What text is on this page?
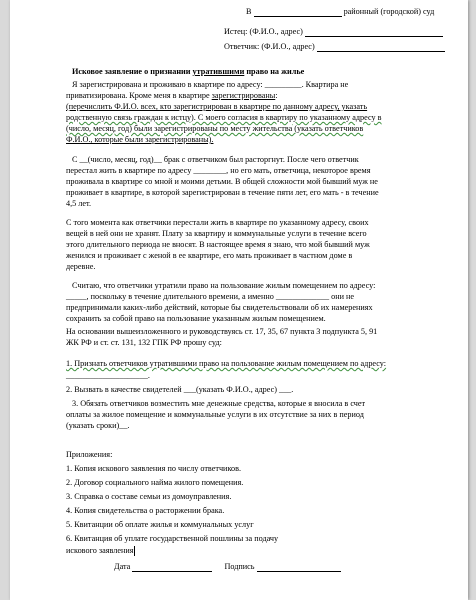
В	районный (городской) суд
Истец: (Ф.И.О., адрес)
Ответчик: (Ф.И.О., адрес)
Исковое заявление о признании утратившими право на жилье
Я зарегистрирована и проживаю в квартире по адресу: _________. Квартира не
приватизирована. Кроме меня в квартире зарегистрированы:
(перечислить Ф.И.О. всех, кто зарегистрирован в квартире по данному адресу, указать
родственную связь граждан к истцу). С моего согласия в квартиру по указанному адресу в
(число, месяц, год) были зарегистрированы по месту жительства (указать ответчиков
Ф.И.О., которые были зарегистрированы).
С __(число, месяц, год)__ брак с ответчиком был расторгнут. После чего ответчик
перестал жить в квартире по адресу ________, но его мать, ответчица, некоторое время
проживала в квартире со мной и моими детьми. В общей сложности мой бывший муж не
проживает в квартире, в которой зарегистрирован в течение пяти лет, его мать - в течение
4,5 лет.
С того момента как ответчики перестали жить в квартире по указанному адресу, своих
вещей в ней они не хранят. Плату за квартиру и коммунальные услуги в течение всего
этого длительного периода не вносят. В настоящее время я знаю, что мой бывший муж
женился и проживает с женой в ее квартире, его мать проживает в частном доме в
деревне.
Считаю, что ответчики утратили право на пользование жилым помещением по адресу:
_____, поскольку в течение длительного времени, а именно _____________ они не
предпринимали каких-либо действий, которые бы свидетельствовали об их намерениях
сохранить за собой право на пользование указанным жилым помещением.
На основании вышеизложенного и руководствуясь ст. 17, 35, 67 пункта 3 подпункта 5, 91
ЖК РФ и ст. ст. 131, 132 ГПК РФ прошу суд:
1. Признать ответчиков утратившими право на пользование жилым помещением по адресу:
____________________.
2. Вызвать в качестве свидетелей ___(указать Ф.И.О., адрес) ___.
3. Обязать ответчиков возместить мне денежные средства, которые я вносила в счет
оплаты за жилое помещение и коммунальные услуги в их отсутствие за них в период
(указать сроки)__.
Приложения:
1. Копия искового заявления по числу ответчиков.
2. Договор социального найма жилого помещения.
3. Справка о составе семьи из домоуправления.
4. Копия свидетельства о расторжении брака.
5. Квитанции об оплате жилья и коммунальных услуг
6. Квитанция об уплате государственной пошлины за подачу
искового заявления
Дата	Подпись
